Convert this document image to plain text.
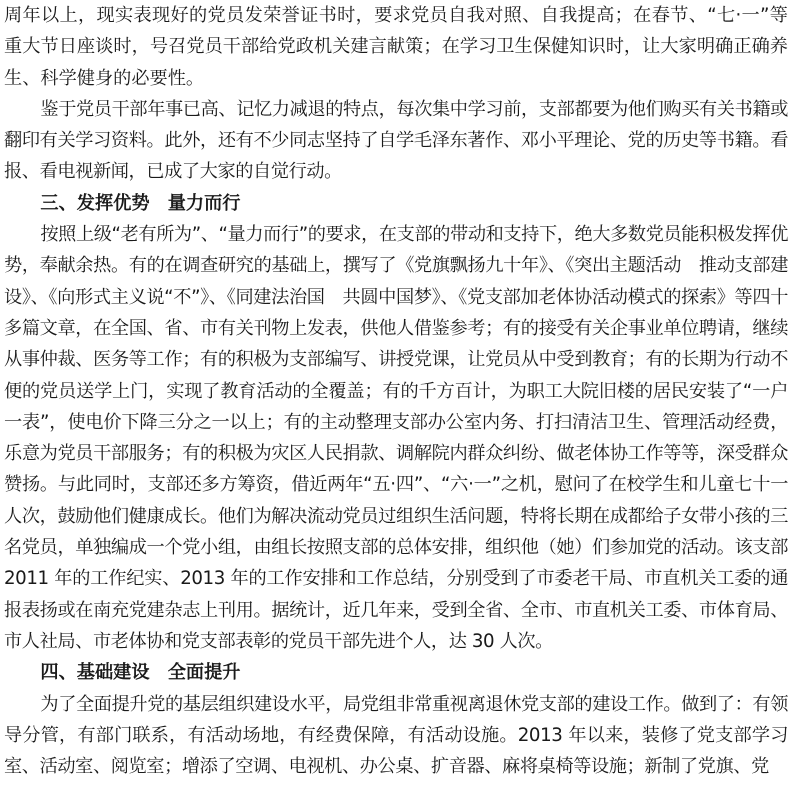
周年以上，现实表现好的党员发荣誉证书时，要求党员自我对照、自我提高；在春节、“七·一”等重大节日座谈时，号召党员干部给党政机关建言献策；在学习卫生保健知识时，让大家明确正确养生、科学健身的必要性。

鉴于党员干部年事已高、记忆力减退的特点，每次集中学习前，支部都要为他们购买有关书籍或翻印有关学习资料。此外，还有不少同志坚持了自学毛泽东著作、邓小平理论、党的历史等书籍。看报、看电视新闻，已成了大家的自觉行动。

三、发挥优势　量力而行

按照上级“老有所为”、“量力而行”的要求，在支部的带动和支持下，绝大多数党员能积极发挥优势，奉献余热。有的在调查研究的基础上，撰写了《党旗飘扬九十年》、《突出主题活动　推动支部建设》、《向形式主义说“不”》、《同建法治国　共圆中国梦》、《党支部加老体协活动模式的探索》等四十多篇文章，在全国、省、市有关刊物上发表，供他人借鉴参考；有的接受有关企事业单位聘请，继续从事仲裁、医务等工作；有的积极为支部编写、讲授党课，让党员从中受到教育；有的长期为行动不便的党员送学上门，实现了教育活动的全覆盖；有的千方百计，为职工大院旧楼的居民安装了“一户一表”，使电价下降三分之一以上；有的主动整理支部办公室内务、打扫清洁卫生、管理活动经费，乐意为党员干部服务；有的积极为灾区人民捐款、调解院内群众纠纷、做老体协工作等等，深受群众赞扬。与此同时，支部还多方筹资，借近两年“五·四”、“六·一”之机，慰问了在校学生和儿童七十一人次，鼓励他们健康成长。他们为解决流动党员过组织生活问题，特将长期在成都给子女带小孩的三名党员，单独编成一个党小组，由组长按照支部的总体安排，组织他（她）们参加党的活动。该支部 2011 年的工作纪实、2013 年的工作安排和工作总结，分别受到了市委老干局、市直机关工委的通报表扬或在南充党建杂志上刊用。据统计，近几年来，受到全省、全市、市直机关工委、市体育局、市人社局、市老体协和党支部表彰的党员干部先进个人，达 30 人次。

四、基础建设　全面提升

为了全面提升党的基层组织建设水平，局党组非常重视离退休党支部的建设工作。做到了：有领导分管，有部门联系，有活动场地，有经费保障，有活动设施。2013 年以来，装修了党支部学习室、活动室、阅览室；增添了空调、电视机、办公桌、扩音器、麻将桌椅等设施；新制了党旗、党
